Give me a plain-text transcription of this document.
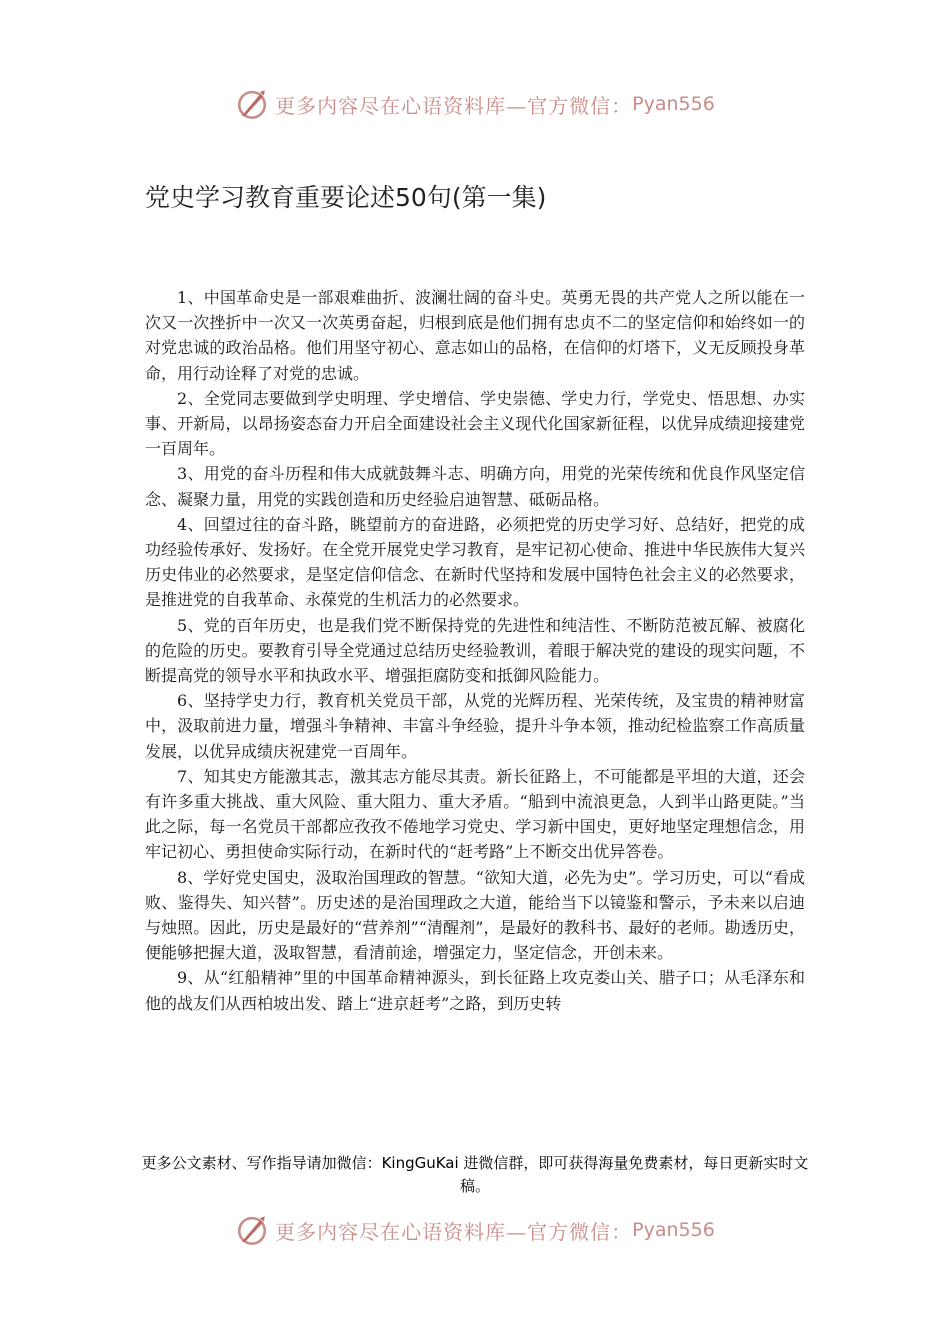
更多内容尽在心语资料库—官方微信： Pyan556
党史学习教育重要论述50句(第一集)

1、中国革命史是一部艰难曲折、波澜壮阔的奋斗史。英勇无畏的共产党人之所以能在一次又一次挫折中一次又一次英勇奋起，归根到底是他们拥有忠贞不二的坚定信仰和始终如一的对党忠诚的政治品格。他们用坚守初心、意志如山的品格，在信仰的灯塔下，义无反顾投身革命，用行动诠释了对党的忠诚。

2、全党同志要做到学史明理、学史增信、学史崇德、学史力行，学党史、悟思想、办实事、开新局，以昂扬姿态奋力开启全面建设社会主义现代化国家新征程，以优异成绩迎接建党一百周年。

3、用党的奋斗历程和伟大成就鼓舞斗志、明确方向，用党的光荣传统和优良作风坚定信念、凝聚力量，用党的实践创造和历史经验启迪智慧、砥砺品格。

4、回望过往的奋斗路，眺望前方的奋进路，必须把党的历史学习好、总结好，把党的成功经验传承好、发扬好。在全党开展党史学习教育，是牢记初心使命、推进中华民族伟大复兴历史伟业的必然要求，是坚定信仰信念、在新时代坚持和发展中国特色社会主义的必然要求，是推进党的自我革命、永葆党的生机活力的必然要求。

5、党的百年历史，也是我们党不断保持党的先进性和纯洁性、不断防范被瓦解、被腐化的危险的历史。要教育引导全党通过总结历史经验教训，着眼于解决党的建设的现实问题，不断提高党的领导水平和执政水平、增强拒腐防变和抵御风险能力。

6、坚持学史力行，教育机关党员干部，从党的光辉历程、光荣传统，及宝贵的精神财富中，汲取前进力量，增强斗争精神、丰富斗争经验，提升斗争本领，推动纪检监察工作高质量发展，以优异成绩庆祝建党一百周年。

7、知其史方能激其志，激其志方能尽其责。新长征路上，不可能都是平坦的大道，还会有许多重大挑战、重大风险、重大阻力、重大矛盾。“船到中流浪更急，人到半山路更陡。”当此之际，每一名党员干部都应孜孜不倦地学习党史、学习新中国史，更好地坚定理想信念，用牢记初心、勇担使命实际行动，在新时代的“赶考路”上不断交出优异答卷。

8、学好党史国史，汲取治国理政的智慧。“欲知大道，必先为史”。学习历史，可以“看成败、鉴得失、知兴替”。历史述的是治国理政之大道，能给当下以镜鉴和警示，予未来以启迪与烛照。因此，历史是最好的“营养剂”“清醒剂”，是最好的教科书、最好的老师。勘透历史，便能够把握大道，汲取智慧，看清前途，增强定力，坚定信念，开创未来。

9、从“红船精神”里的中国革命精神源头，到长征路上攻克娄山关、腊子口；从毛泽东和他的战友们从西柏坡出发、踏上“进京赶考”之路，到历史转

更多公文素材、写作指导请加微信：KingGuKai 进微信群，即可获得海量免费素材，每日更新实时文稿。
更多内容尽在心语资料库—官方微信： Pyan556
